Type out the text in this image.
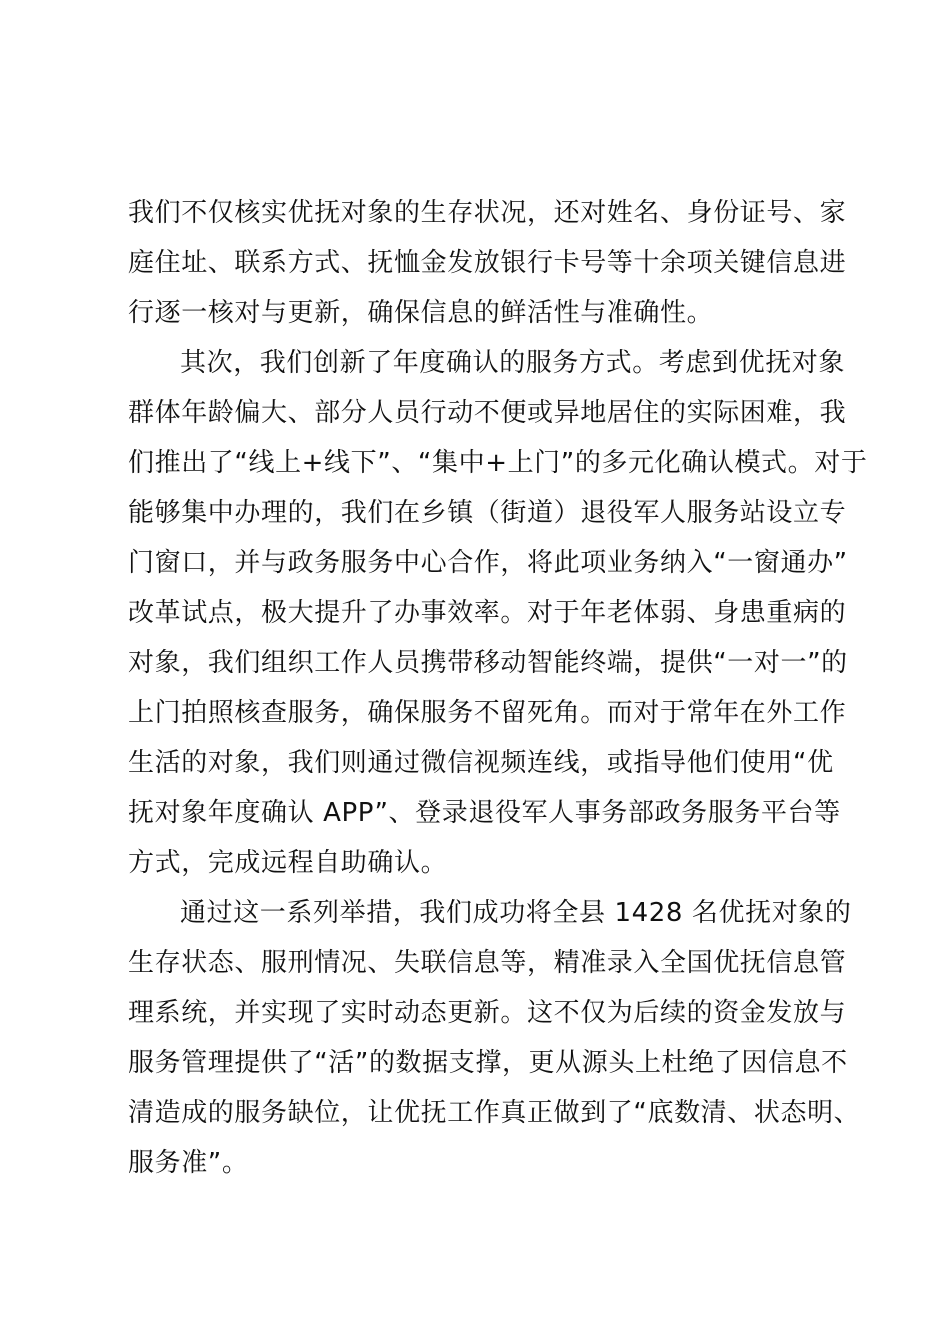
我们不仅核实优抚对象的生存状况，还对姓名、身份证号、家
庭住址、联系方式、抚恤金发放银行卡号等十余项关键信息进
行逐一核对与更新，确保信息的鲜活性与准确性。
其次，我们创新了年度确认的服务方式。考虑到优抚对象
群体年龄偏大、部分人员行动不便或异地居住的实际困难，我
们推出了“线上+线下”、“集中+上门”的多元化确认模式。对于
能够集中办理的，我们在乡镇（街道）退役军人服务站设立专
门窗口，并与政务服务中心合作，将此项业务纳入“一窗通办”
改革试点，极大提升了办事效率。对于年老体弱、身患重病的
对象，我们组织工作人员携带移动智能终端，提供“一对一”的
上门拍照核查服务，确保服务不留死角。而对于常年在外工作
生活的对象，我们则通过微信视频连线，或指导他们使用“优
抚对象年度确认 APP”、登录退役军人事务部政务服务平台等
方式，完成远程自助确认。
通过这一系列举措，我们成功将全县 1428 名优抚对象的
生存状态、服刑情况、失联信息等，精准录入全国优抚信息管
理系统，并实现了实时动态更新。这不仅为后续的资金发放与
服务管理提供了“活”的数据支撑，更从源头上杜绝了因信息不
清造成的服务缺位，让优抚工作真正做到了“底数清、状态明、
服务准”。
